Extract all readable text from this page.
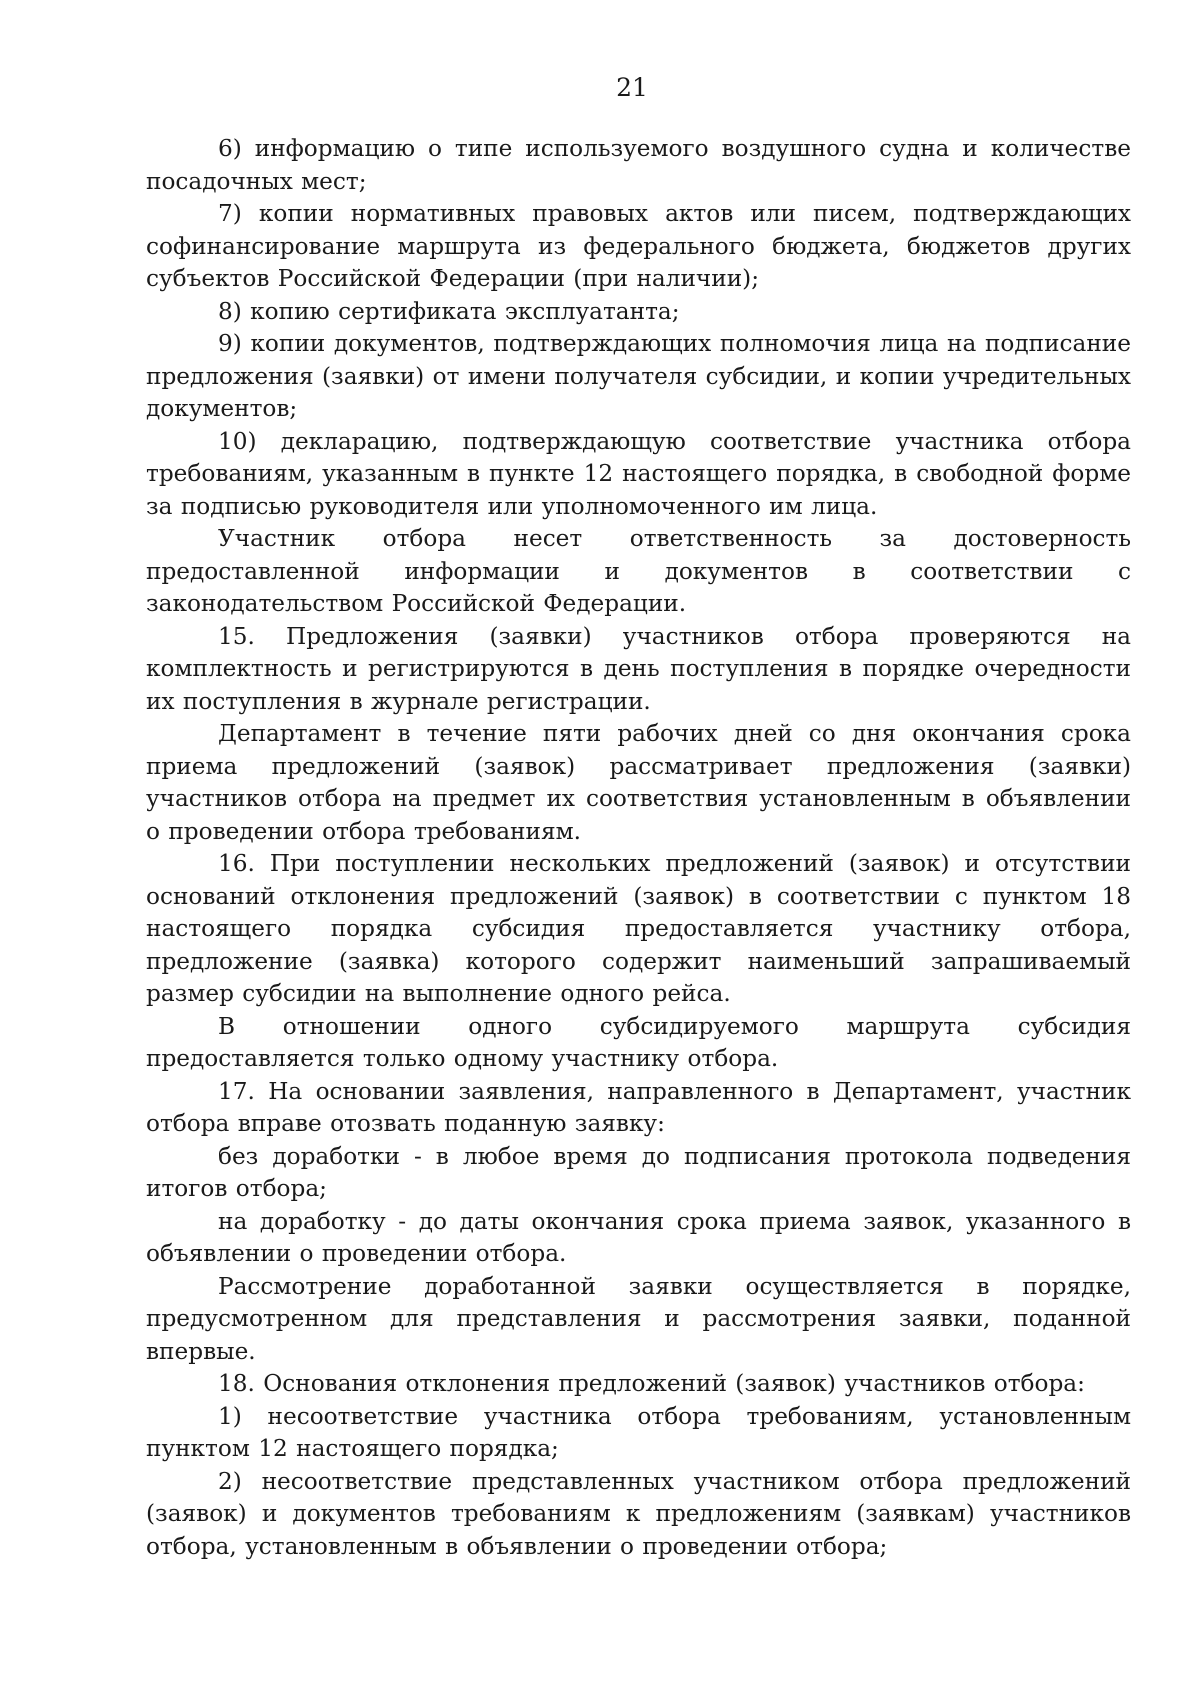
21

6) информацию о типе используемого воздушного судна и количестве посадочных мест;

7) копии нормативных правовых актов или писем, подтверждающих софинансирование маршрута из федерального бюджета, бюджетов других субъектов Российской Федерации (при наличии);

8) копию сертификата эксплуатанта;

9) копии документов, подтверждающих полномочия лица на подписание предложения (заявки) от имени получателя субсидии, и копии учредительных документов;

10) декларацию, подтверждающую соответствие участника отбора требованиям, указанным в пункте 12 настоящего порядка, в свободной форме за подписью руководителя или уполномоченного им лица.

Участник отбора несет ответственность за достоверность предоставленной информации и документов в соответствии с законодательством Российской Федерации.

15. Предложения (заявки) участников отбора проверяются на комплектность и регистрируются в день поступления в порядке очередности их поступления в журнале регистрации.

Департамент в течение пяти рабочих дней со дня окончания срока приема предложений (заявок) рассматривает предложения (заявки) участников отбора на предмет их соответствия установленным в объявлении о проведении отбора требованиям.

16. При поступлении нескольких предложений (заявок) и отсутствии оснований отклонения предложений (заявок) в соответствии с пунктом 18 настоящего порядка субсидия предоставляется участнику отбора, предложение (заявка) которого содержит наименьший запрашиваемый размер субсидии на выполнение одного рейса.

В отношении одного субсидируемого маршрута субсидия предоставляется только одному участнику отбора.

17. На основании заявления, направленного в Департамент, участник отбора вправе отозвать поданную заявку:

без доработки - в любое время до подписания протокола подведения итогов отбора;

на доработку - до даты окончания срока приема заявок, указанного в объявлении о проведении отбора.

Рассмотрение доработанной заявки осуществляется в порядке, предусмотренном для представления и рассмотрения заявки, поданной впервые.

18. Основания отклонения предложений (заявок) участников отбора:

1) несоответствие участника отбора требованиям, установленным пунктом 12 настоящего порядка;

2) несоответствие представленных участником отбора предложений (заявок) и документов требованиям к предложениям (заявкам) участников отбора, установленным в объявлении о проведении отбора;
